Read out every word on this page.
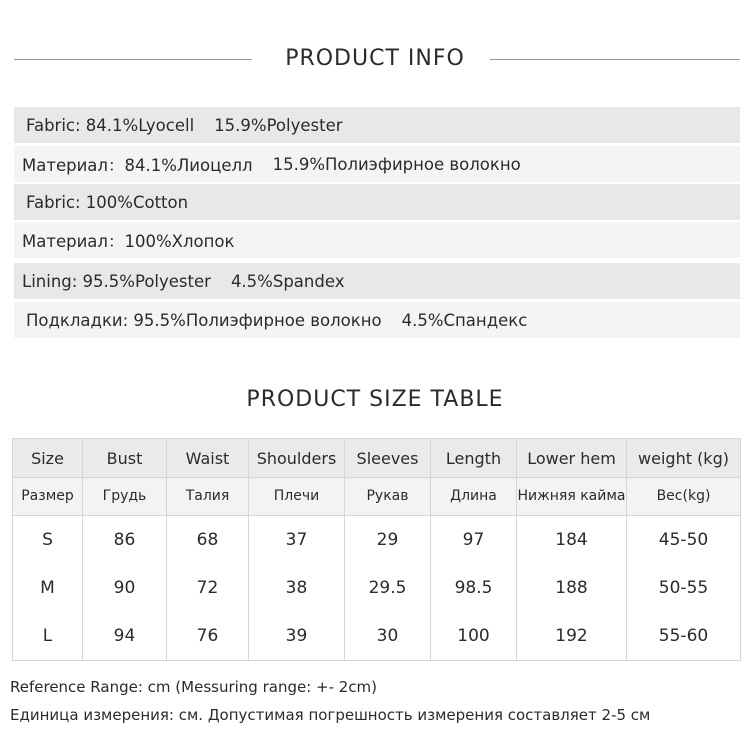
PRODUCT INFO
Fabric: 84.1%Lyocell 15.9%Polyester
Материал：84.1%Лиоцелл 15.9%Полиэфирное волокно
Fabric: 100%Cotton
Материал：100%Хлопок
Lining: 95.5%Polyester 4.5%Spandex
Подкладки: 95.5%Полиэфирное волокно 4.5%Спандекс
PRODUCT SIZE TABLE
Size	Bust	Waist	Shoulders	Sleeves	Length	Lower hem	weight (kg)
Размер	Грудь	Талия	Плечи	Рукав	Длина	Нижняя кайма	Вес(kg)
S	86	68	37	29	97	184	45-50
M	90	72	38	29.5	98.5	188	50-55
L	94	76	39	30	100	192	55-60
Reference Range: cm (Messuring range: +- 2cm)
Единица измерения: см. Допустимая погрешность измерения составляет 2-5 см
